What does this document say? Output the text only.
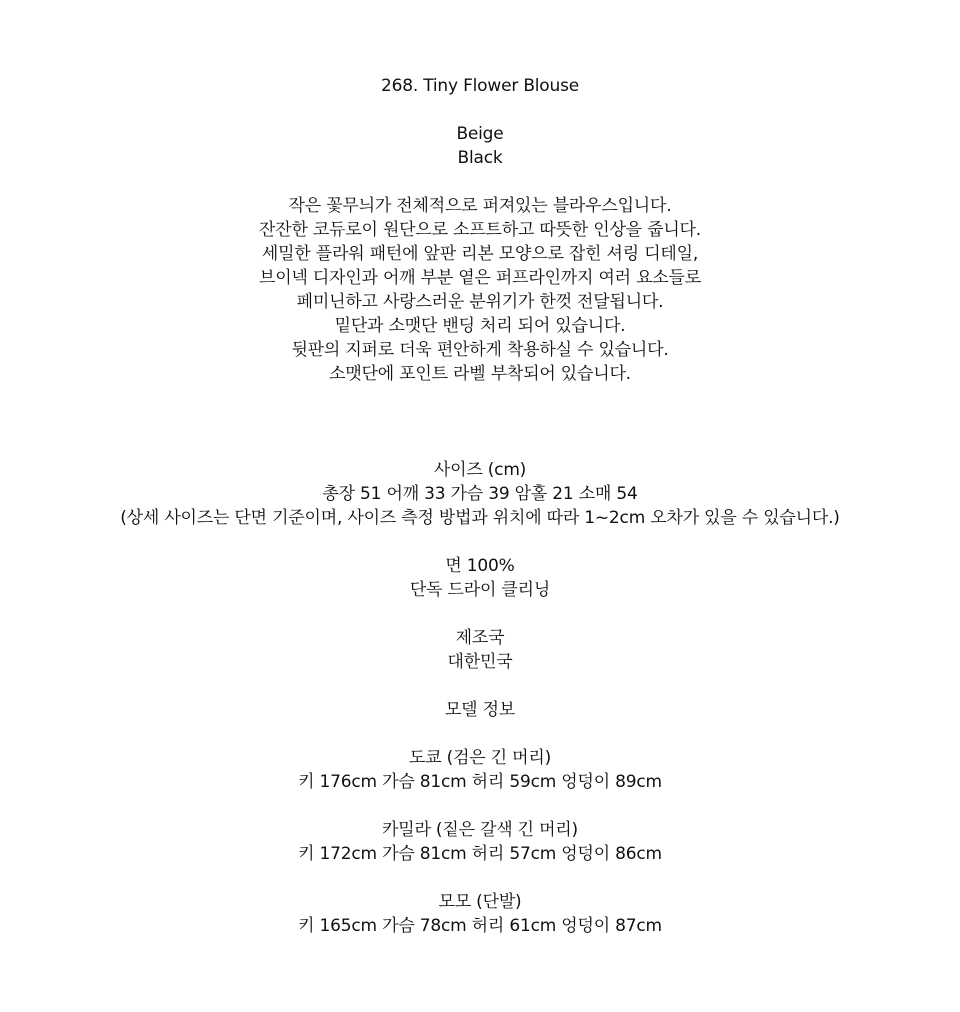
268. Tiny Flower Blouse
Beige
Black
작은 꽃무늬가 전체적으로 퍼져있는 블라우스입니다.
잔잔한 코듀로이 원단으로 소프트하고 따뜻한 인상을 줍니다.
세밀한 플라워 패턴에 앞판 리본 모양으로 잡힌 셔링 디테일,
브이넥 디자인과 어깨 부분 옅은 퍼프라인까지 여러 요소들로
페미닌하고 사랑스러운 분위기가 한껏 전달됩니다.
밑단과 소맷단 밴딩 처리 되어 있습니다.
뒷판의 지퍼로 더욱 편안하게 착용하실 수 있습니다.
소맷단에 포인트 라벨 부착되어 있습니다.
사이즈 (cm)
총장 51 어깨 33 가슴 39 암홀 21 소매 54
(상세 사이즈는 단면 기준이며, 사이즈 측정 방법과 위치에 따라 1~2cm 오차가 있을 수 있습니다.)
면 100%
단독 드라이 클리닝
제조국
대한민국
모델 정보
도쿄 (검은 긴 머리)
키 176cm 가슴 81cm 허리 59cm 엉덩이 89cm
카밀라 (짙은 갈색 긴 머리)
키 172cm 가슴 81cm 허리 57cm 엉덩이 86cm
모모 (단발)
키 165cm 가슴 78cm 허리 61cm 엉덩이 87cm
